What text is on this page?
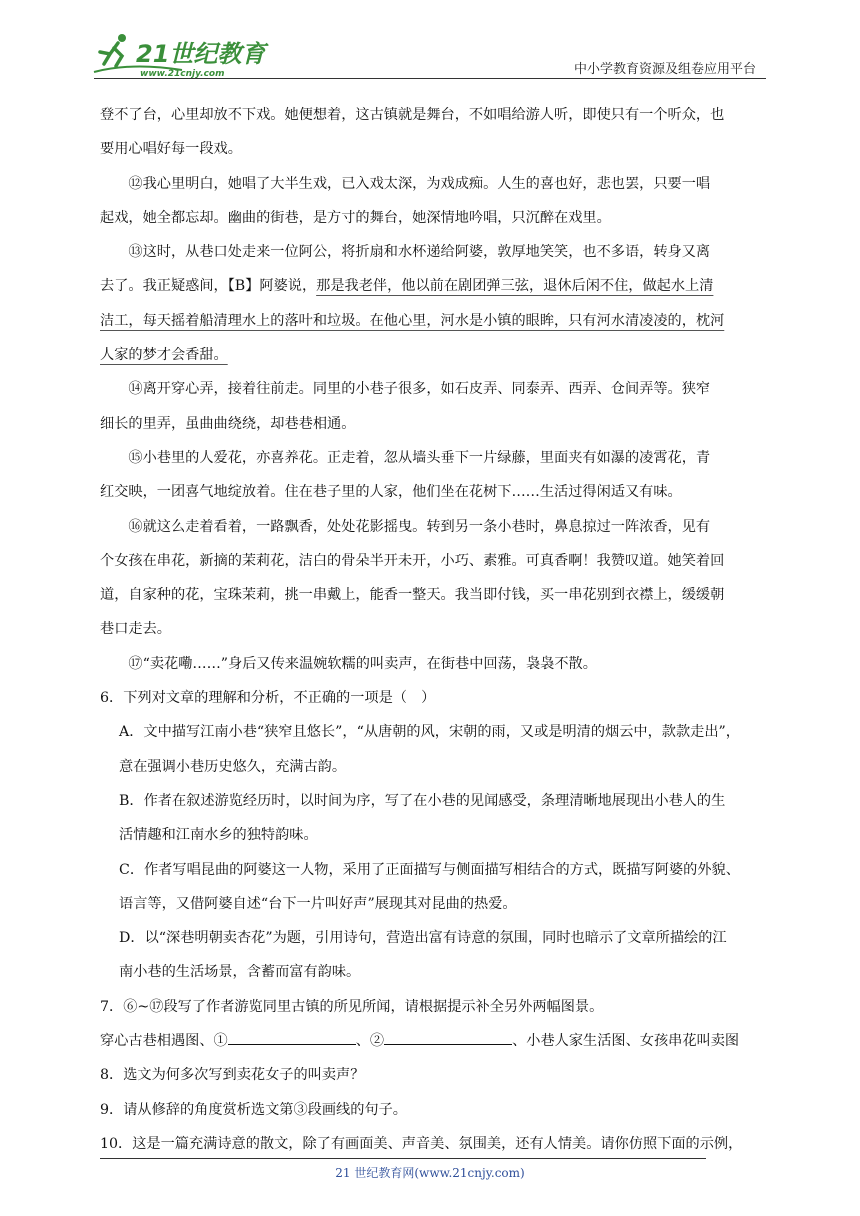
21世纪教育
www.21cnjy.com	中小学教育资源及组卷应用平台

登不了台，心里却放不下戏。她便想着，这古镇就是舞台，不如唱给游人听，即使只有一个听众，也
要用心唱好每一段戏。

⑫我心里明白，她唱了大半生戏，已入戏太深，为戏成痴。人生的喜也好，悲也罢，只要一唱
起戏，她全都忘却。幽曲的街巷，是方寸的舞台，她深情地吟唱，只沉醉在戏里。

⑬这时，从巷口处走来一位阿公，将折扇和水杯递给阿婆，敦厚地笑笑，也不多语，转身又离
去了。我正疑惑间，【B】阿婆说，那是我老伴，他以前在剧团弹三弦，退休后闲不住，做起水上清
洁工，每天摇着船清理水上的落叶和垃圾。在他心里，河水是小镇的眼眸，只有河水清凌凌的，枕河
人家的梦才会香甜。

⑭离开穿心弄，接着往前走。同里的小巷子很多，如石皮弄、同泰弄、西弄、仓间弄等。狭窄
细长的里弄，虽曲曲绕绕，却巷巷相通。

⑮小巷里的人爱花，亦喜养花。正走着，忽从墙头垂下一片绿藤，里面夹有如瀑的凌霄花，青
红交映，一团喜气地绽放着。住在巷子里的人家，他们坐在花树下……生活过得闲适又有味。

⑯就这么走着看着，一路飘香，处处花影摇曳。转到另一条小巷时，鼻息掠过一阵浓香，见有
个女孩在串花，新摘的茉莉花，洁白的骨朵半开未开，小巧、素雅。可真香啊！我赞叹道。她笑着回
道，自家种的花，宝珠茉莉，挑一串戴上，能香一整天。我当即付钱，买一串花别到衣襟上，缓缓朝
巷口走去。

⑰“卖花嘞……”身后又传来温婉软糯的叫卖声，在街巷中回荡，袅袅不散。

6．下列对文章的理解和分析，不正确的一项是（　）

A．文中描写江南小巷“狭窄且悠长”，“从唐朝的风，宋朝的雨，又或是明清的烟云中，款款走出”，
意在强调小巷历史悠久，充满古韵。

B．作者在叙述游览经历时，以时间为序，写了在小巷的见闻感受，条理清晰地展现出小巷人的生
活情趣和江南水乡的独特韵味。

C．作者写唱昆曲的阿婆这一人物，采用了正面描写与侧面描写相结合的方式，既描写阿婆的外貌、
语言等，又借阿婆自述“台下一片叫好声”展现其对昆曲的热爱。

D．以“深巷明朝卖杏花”为题，引用诗句，营造出富有诗意的氛围，同时也暗示了文章所描绘的江
南小巷的生活场景，含蓄而富有韵味。

7．⑥~⑰段写了作者游览同里古镇的所见所闻，请根据提示补全另外两幅图景。
穿心古巷相遇图、①	、②	、小巷人家生活图、女孩串花叫卖图

8．选文为何多次写到卖花女子的叫卖声？

9．请从修辞的角度赏析选文第③段画线的句子。

10．这是一篇充满诗意的散文，除了有画面美、声音美、氛围美，还有人情美。请你仿照下面的示例，

21 世纪教育网(www.21cnjy.com)
